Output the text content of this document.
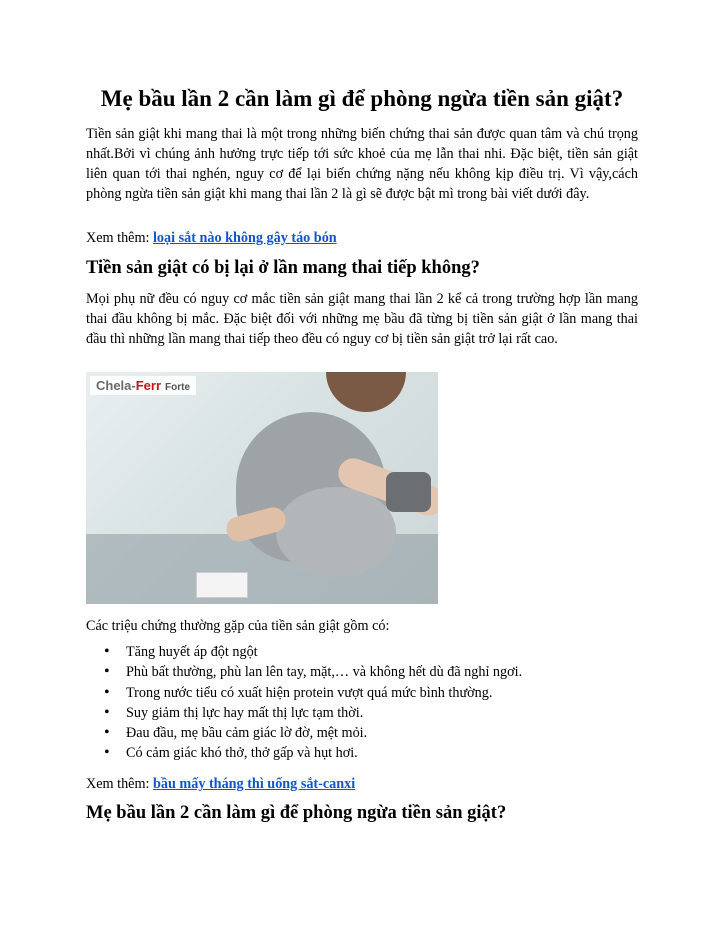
Mẹ bầu lần 2 cần làm gì để phòng ngừa tiền sản giật?

Tiền sản giật khi mang thai là một trong những biến chứng thai sản được quan tâm và chú trọng nhất.Bởi vì chúng ảnh hưởng trực tiếp tới sức khoẻ của mẹ lẫn thai nhi. Đặc biệt, tiền sản giật liên quan tới thai nghén, nguy cơ để lại biến chứng nặng nếu không kịp điều trị. Vì vậy,cách phòng ngừa tiền sản giật khi mang thai lần 2 là gì sẽ được bật mì trong bài viết dưới đây.

Xem thêm: loại sắt nào không gây táo bón

Tiền sản giật có bị lại ở lần mang thai tiếp không?

Mọi phụ nữ đều có nguy cơ mắc tiền sản giật mang thai lần 2 kể cả trong trường hợp lần mang thai đầu không bị mắc. Đặc biệt đối với những mẹ bầu đã từng bị tiền sản giật ở lần mang thai đầu thì những lần mang thai tiếp theo đều có nguy cơ bị tiền sản giật trở lại rất cao.

Chela-Ferr Forte

Các triệu chứng thường gặp của tiền sản giật gồm có:

• Tăng huyết áp đột ngột
• Phù bất thường, phù lan lên tay, mặt,… và không hết dù đã nghỉ ngơi.
• Trong nước tiểu có xuất hiện protein vượt quá mức bình thường.
• Suy giảm thị lực hay mất thị lực tạm thời.
• Đau đầu, mẹ bầu cảm giác lờ đờ, mệt mỏi.
• Có cảm giác khó thở, thở gấp và hụt hơi.

Xem thêm: bầu mấy tháng thì uống sắt-canxi

Mẹ bầu lần 2 cần làm gì để phòng ngừa tiền sản giật?
